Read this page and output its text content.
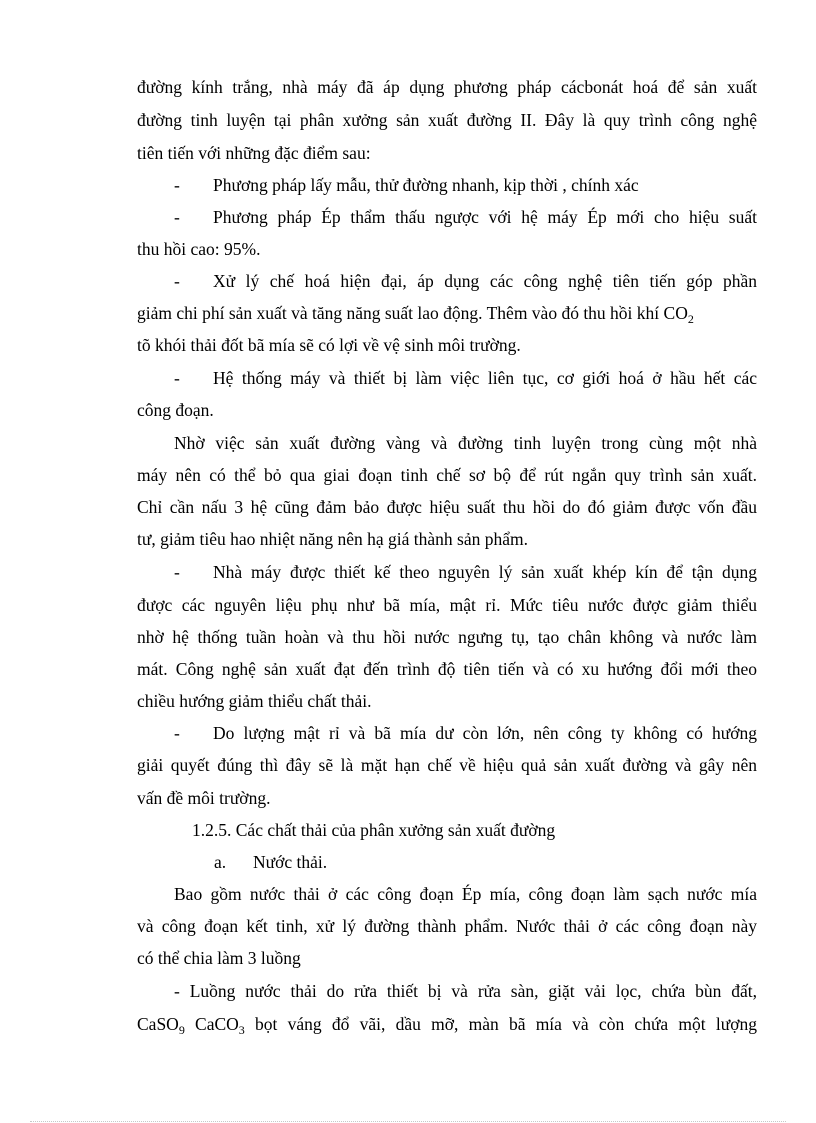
đường kính trắng, nhà máy đã áp dụng phương pháp cácbonát hoá để sản xuất
đường tinh luyện tại phân xưởng sản xuất đường II. Đây là quy trình công nghệ
tiên tiến với những đặc điểm sau:
- Phương pháp lấy mẫu, thử đường nhanh, kịp thời , chính xác
- Phương pháp Ép thẩm thấu ngược với hệ máy Ép mới cho hiệu suất
thu hồi cao: 95%.
- Xử lý chế hoá hiện đại, áp dụng các công nghệ tiên tiến góp phần
giảm chi phí sản xuất và tăng năng suất lao động. Thêm vào đó thu hồi khí $CO_2$
tõ khói thải đốt bã mía sẽ có lợi về vệ sinh môi trường.
- Hệ thống máy và thiết bị làm việc liên tục, cơ giới hoá ở hầu hết các
công đoạn.
Nhờ việc sản xuất đường vàng và đường tinh luyện trong cùng một nhà
máy nên có thể bỏ qua giai đoạn tinh chế sơ bộ để rút ngắn quy trình sản xuất.
Chỉ cần nấu 3 hệ cũng đảm bảo được hiệu suất thu hồi do đó giảm được vốn đầu
tư, giảm tiêu hao nhiệt năng nên hạ giá thành sản phẩm.
- Nhà máy được thiết kế theo nguyên lý sản xuất khép kín để tận dụng
được các nguyên liệu phụ như bã mía, mật rỉ. Mức tiêu nước được giảm thiểu
nhờ hệ thống tuần hoàn và thu hồi nước ngưng tụ, tạo chân không và nước làm
mát. Công nghệ sản xuất đạt đến trình độ tiên tiến và có xu hướng đổi mới theo
chiều hướng giảm thiểu chất thải.
- Do lượng mật rỉ và bã mía dư còn lớn, nên công ty không có hướng
giải quyết đúng thì đây sẽ là mặt hạn chế về hiệu quả sản xuất đường và gây nên
vấn đề môi trường.
1.2.5. Các chất thải của phân xưởng sản xuất đường
a.	Nước thải.
Bao gồm nước thải ở các công đoạn Ép mía, công đoạn làm sạch nước mía
và công đoạn kết tinh, xử lý đường thành phẩm. Nước thải ở các công đoạn này
có thể chia làm 3 luồng
- Luồng nước thải do rửa thiết bị và rửa sàn, giặt vải lọc, chứa bùn đất,
CaSO$_9$ CaCO$_3$ bọt váng đổ vãi, dầu mỡ, màn bã mía và còn chứa một lượng
